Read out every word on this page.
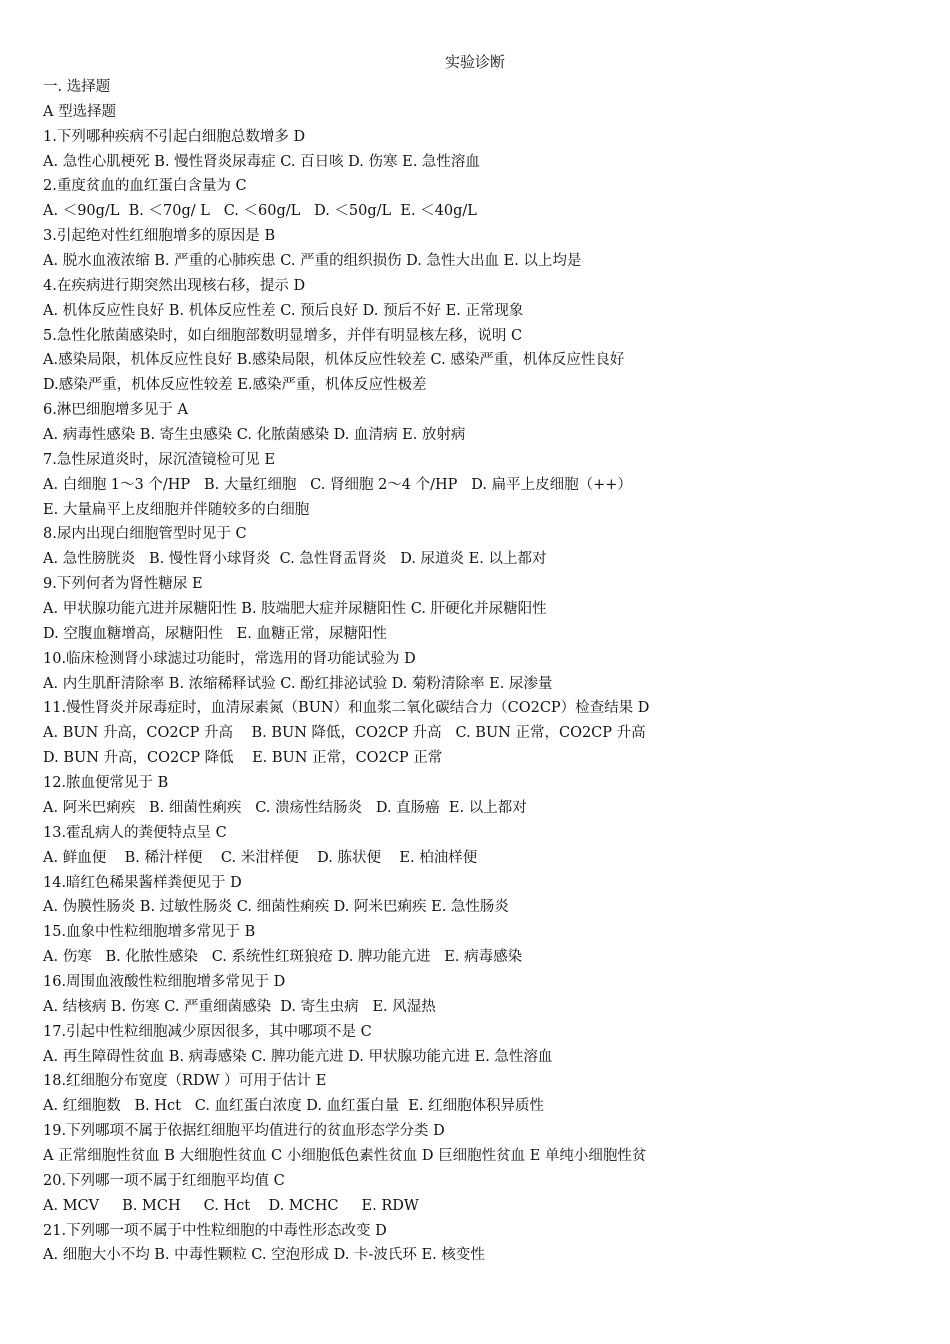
实验诊断
一. 选择题
A 型选择题
1.下列哪种疾病不引起白细胞总数增多 D
A. 急性心肌梗死 B. 慢性肾炎尿毒症 C. 百日咳 D. 伤寒 E. 急性溶血
2.重度贫血的血红蛋白含量为 C
A. ＜90g/L  B. ＜70g/ L   C. ＜60g/L   D. ＜50g/L  E. ＜40g/L
3.引起绝对性红细胞增多的原因是 B
A. 脱水血液浓缩 B. 严重的心肺疾患 C. 严重的组织损伤 D. 急性大出血 E. 以上均是
4.在疾病进行期突然出现核右移，提示 D
A. 机体反应性良好 B. 机体反应性差 C. 预后良好 D. 预后不好 E. 正常现象
5.急性化脓菌感染时，如白细胞部数明显增多，并伴有明显核左移，说明 C
A.感染局限，机体反应性良好 B.感染局限，机体反应性较差 C. 感染严重，机体反应性良好
D.感染严重，机体反应性较差 E.感染严重，机体反应性极差
6.淋巴细胞增多见于 A
A. 病毒性感染 B. 寄生虫感染 C. 化脓菌感染 D. 血清病 E. 放射病
7.急性尿道炎时，尿沉渣镜检可见 E
A. 白细胞 1～3 个/HP   B. 大量红细胞   C. 肾细胞 2～4 个/HP   D. 扁平上皮细胞（++）
E. 大量扁平上皮细胞并伴随较多的白细胞
8.尿内出现白细胞管型时见于 C
A. 急性膀胱炎   B. 慢性肾小球肾炎  C. 急性肾盂肾炎   D. 尿道炎 E. 以上都对
9.下列何者为肾性糖尿 E
A. 甲状腺功能亢进并尿糖阳性 B. 肢端肥大症并尿糖阳性 C. 肝硬化并尿糖阳性
D. 空腹血糖增高，尿糖阳性   E. 血糖正常，尿糖阳性
10.临床检测肾小球滤过功能时，常选用的肾功能试验为 D
A. 内生肌酐清除率 B. 浓缩稀释试验 C. 酚红排泌试验 D. 菊粉清除率 E. 尿渗量
11.慢性肾炎并尿毒症时，血清尿素氮（BUN）和血浆二氧化碳结合力（CO2CP）检查结果 D
A. BUN 升高，CO2CP 升高    B. BUN 降低，CO2CP 升高   C. BUN 正常，CO2CP 升高
D. BUN 升高，CO2CP 降低    E. BUN 正常，CO2CP 正常
12.脓血便常见于 B
A. 阿米巴痢疾   B. 细菌性痢疾   C. 溃疡性结肠炎   D. 直肠癌  E. 以上都对
13.霍乱病人的粪便特点呈 C
A. 鲜血便    B. 稀汁样便    C. 米泔样便    D. 胨状便    E. 柏油样便
14.暗红色稀果酱样粪便见于 D
A. 伪膜性肠炎 B. 过敏性肠炎 C. 细菌性痢疾 D. 阿米巴痢疾 E. 急性肠炎
15.血象中性粒细胞增多常见于 B
A. 伤寒   B. 化脓性感染   C. 系统性红斑狼疮 D. 脾功能亢进   E. 病毒感染
16.周围血液酸性粒细胞增多常见于 D
A. 结核病 B. 伤寒 C. 严重细菌感染  D. 寄生虫病   E. 风湿热
17.引起中性粒细胞减少原因很多，其中哪项不是 C
A. 再生障碍性贫血 B. 病毒感染 C. 脾功能亢进 D. 甲状腺功能亢进 E. 急性溶血
18.红细胞分布宽度（RDW ）可用于估计 E
A. 红细胞数   B. Hct   C. 血红蛋白浓度 D. 血红蛋白量  E. 红细胞体积异质性
19.下列哪项不属于依据红细胞平均值进行的贫血形态学分类 D
A 正常细胞性贫血 B 大细胞性贫血 C 小细胞低色素性贫血 D 巨细胞性贫血 E 单纯小细胞性贫
20.下列哪一项不属于红细胞平均值 C
A. MCV     B. MCH     C. Hct    D. MCHC     E. RDW
21.下列哪一项不属于中性粒细胞的中毒性形态改变 D
A. 细胞大小不均 B. 中毒性颗粒 C. 空泡形成 D. 卡-波氏环 E. 核变性
